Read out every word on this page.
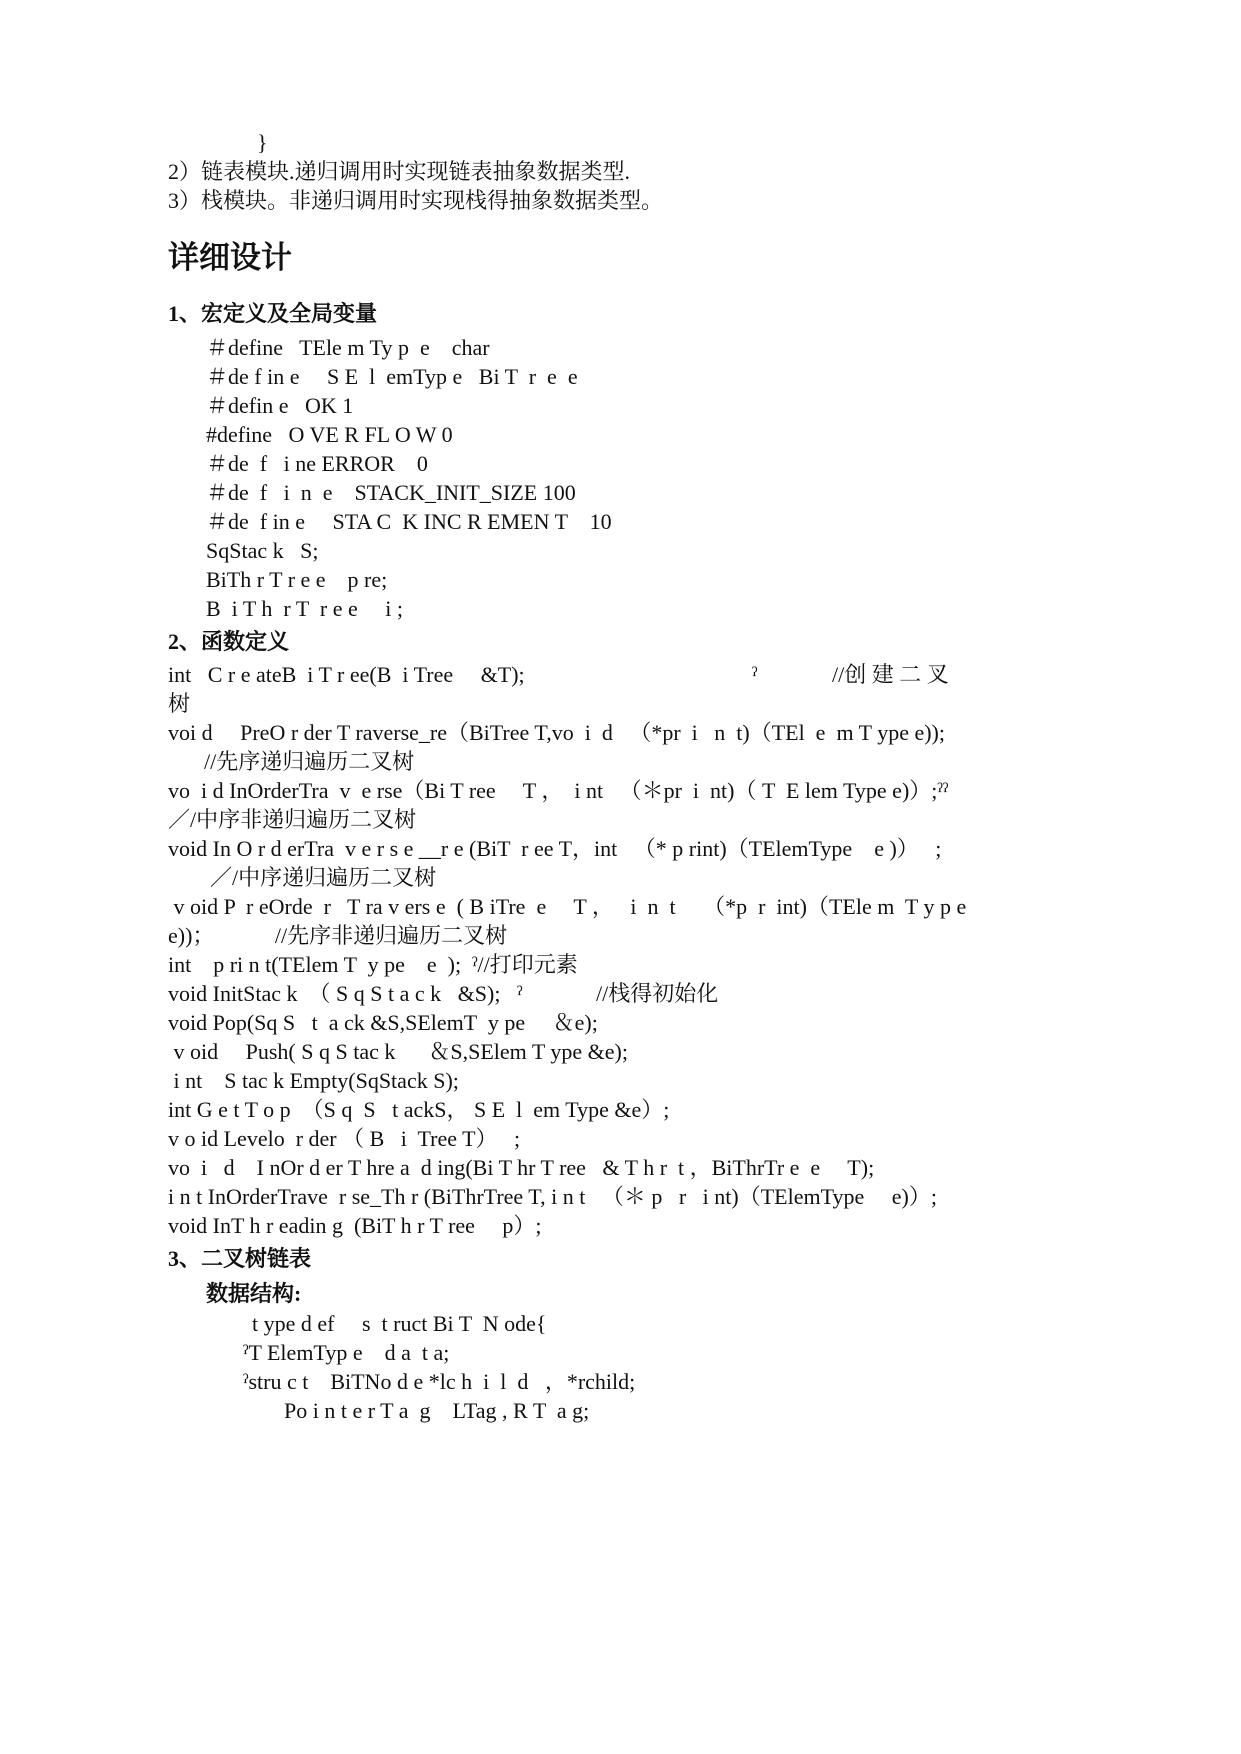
}
2）链表模块.递归调用时实现链表抽象数据类型.
3）栈模块。非递归调用时实现栈得抽象数据类型。
详细设计
1、宏定义及全局变量
＃define   TEle m Ty p  e    char
＃de f in e     S E  l  emTyp e   Bi T  r  e  e
＃defin e   OK 1
#define   O VE R FL O W 0
＃de  f   i ne ERROR    0
＃de  f   i  n  e    STACK_INIT_SIZE 100
＃de  f in e     STA C  K INC R EMEN T    10
SqStac k   S;
BiTh r T r e e    p re;
B  i T h  r T  r e e     i ;
2、函数定义
int   C r e ateB  i T r ee(B  i Tree     &T);	ˀ	//创 建 二 叉
树
voi d     PreO r der T raverse_re（BiTree T,vo  i  d   （*pr  i   n  t)（TEl  e  m T ype e));
//先序递归遍历二叉树
vo  i d InOrderTra  v  e rse（Bi T ree     T ，  i nt   （＊pr  i  nt)（ T  E lem Type e)）;ˀˀ
／/中序非递归遍历二叉树
void In O r d erTra  v e r s e __r e (BiT  r ee T，int   （* p rint)（TElemType    e )）   ;
／/中序递归遍历二叉树
v oid P  r eOrde  r   T ra v ers e  ( B iTre  e     T ，   i  n  t     （*p  r  int)（TEle m  T y p e
e))；           //先序非递归遍历二叉树
int    p ri n t(TElem T  y pe    e  );  ˀ//打印元素
void InitStac k  （ S q S t a c k   &S);   ˀ	//栈得初始化
void Pop(Sq S   t  a ck &S,SElemT  y pe     ＆e);
v oid     Push( S q S tac k      ＆S,SElem T ype &e);
i nt    S tac k Empty(SqStack S);
int G e t T o p  （S q  S   t ackS， S E  l  em Type &e）;
v o id Levelo  r der （ B   i  Tree T）   ;
vo  i   d    I nOr d er T hre a  d ing(Bi T hr T ree   & T h r  t ，BiThrTr e  e     T);
i n t InOrderTrave  r se_Th r (BiThrTree T, i n t   （＊ p   r   i nt)（TElemType     e)）;
void InT h r eadin g  (BiT h r T ree     p）;
3、二叉树链表
数据结构:
t ype d ef     s  t ruct Bi T  N ode{
ˀT ElemTyp e    d a  t a;
ˀstru c t    BiTNo d e *lc h  i  l  d   ，*rchild;
Po i n t e r T a  g    LTag , R T  a g;
